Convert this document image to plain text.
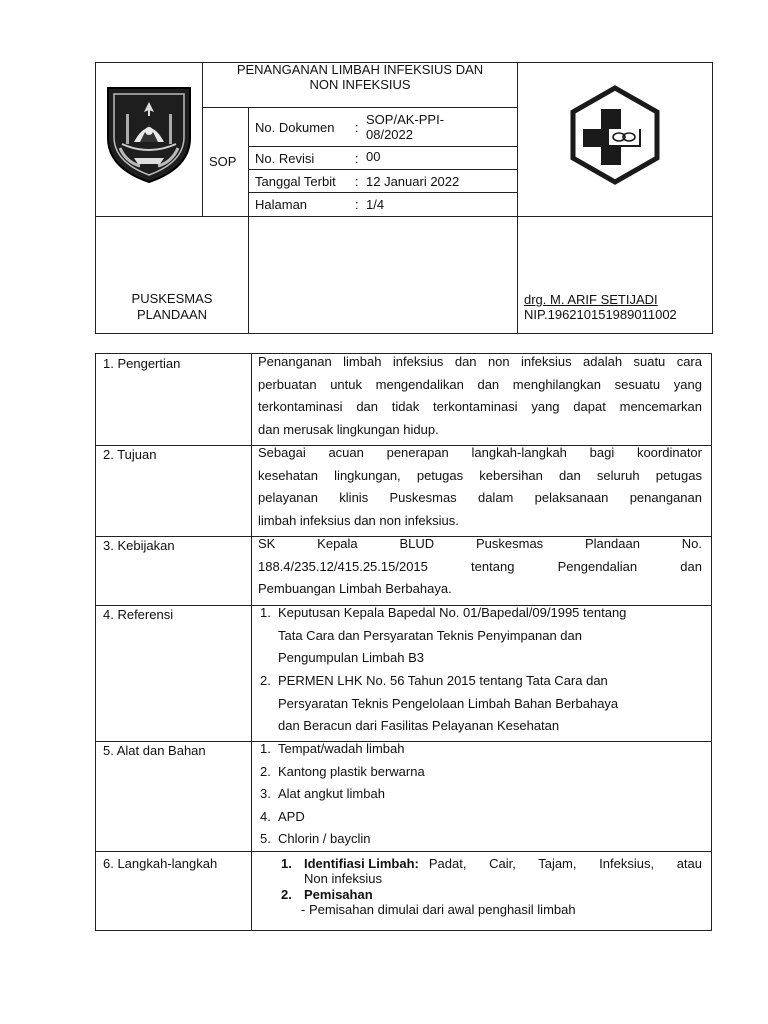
PENANGANAN LIMBAH INFEKSIUS DAN
NON INFEKSIUS
SOP
No. Dokumen :
SOP/AK-PPI-
08/2022
No. Revisi	: 00
Tanggal Terbit : 12 Januari 2022
Halaman	: 1/4
PUSKESMAS
PLANDAAN
drg. M. ARIF SETIJADI
NIP.196210151989011002
1. Pengertian	Penanganan limbah infeksius dan non infeksius adalah suatu cara
perbuatan untuk mengendalikan dan menghilangkan sesuatu yang
terkontaminasi dan tidak terkontaminasi yang dapat mencemarkan
dan merusak lingkungan hidup.
2. Tujuan	Sebagai acuan penerapan langkah-langkah bagi koordinator
kesehatan lingkungan, petugas kebersihan dan seluruh petugas
pelayanan klinis Puskesmas dalam pelaksanaan penanganan
limbah infeksius dan non infeksius.
3. Kebijakan	SK Kepala BLUD Puskesmas Plandaan No.
188.4/235.12/415.25.15/2015 tentang Pengendalian dan
Pembuangan Limbah Berbahaya.
4. Referensi	1. Keputusan Kepala Bapedal No. 01/Bapedal/09/1995 tentang
Tata Cara dan Persyaratan Teknis Penyimpanan dan
Pengumpulan Limbah B3
2. PERMEN LHK No. 56 Tahun 2015 tentang Tata Cara dan
Persyaratan Teknis Pengelolaan Limbah Bahan Berbahaya
dan Beracun dari Fasilitas Pelayanan Kesehatan
5. Alat dan Bahan	1.
2.
3.
4.
5.
Tempat/wadah limbah
Kantong plastik berwarna
Alat angkut limbah
APD
Chlorin / bayclin
6. Langkah-langkah	1. Identifiasi Limbah: Padat, Cair, Tajam, Infeksius, atau
Non infeksius
2. Pemisahan
- Pemisahan dimulai dari awal penghasil limbah
